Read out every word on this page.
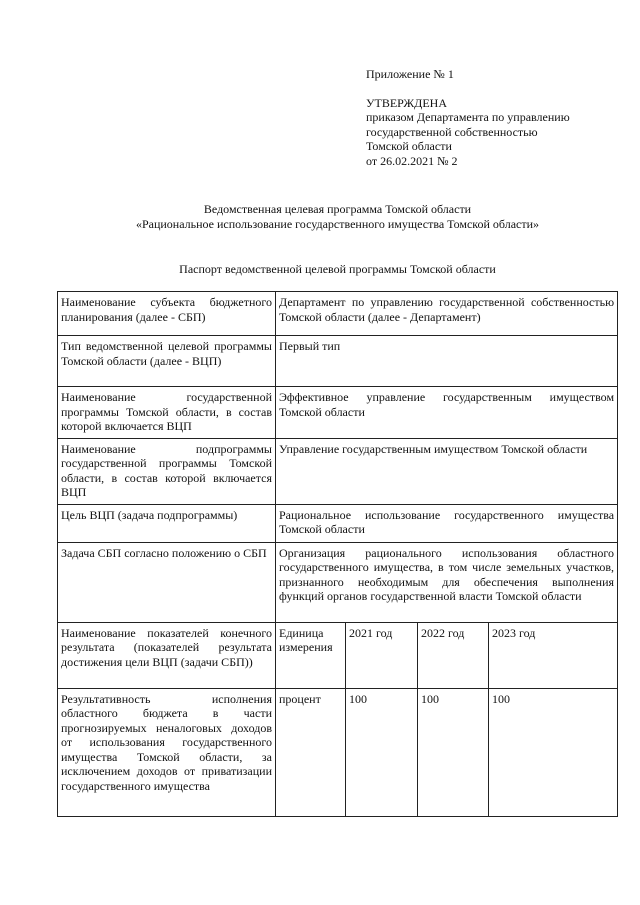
Приложение № 1
УТВЕРЖДЕНА
приказом Департамента по управлению
государственной собственностью
Томской области
от 26.02.2021 № 2
Ведомственная целевая программа Томской области
«Рациональное использование государственного имущества Томской области»
Паспорт ведомственной целевой программы Томской области
Наименование субъекта бюджетного планирования (далее - СБП)	Департамент по управлению государственной собственностью Томской области (далее - Департамент)			
Тип ведомственной целевой программы Томской области (далее - ВЦП)	Первый тип			
Наименование государственной программы Томской области, в состав которой включается ВЦП	Эффективное управление государственным имуществом Томской области			
Наименование подпрограммы государственной программы Томской области, в состав которой включается ВЦП	Управление государственным имуществом Томской области			
Цель ВЦП (задача подпрограммы)	Рациональное использование государственного имущества Томской области			
Задача СБП согласно положению о СБП	Организация рационального использования областного государственного имущества, в том числе земельных участков, признанного необходимым для обеспечения выполнения функций органов государственной власти Томской области			
Наименование показателей конечного результата (показателей результата достижения цели ВЦП (задачи СБП))	Единица измерения	2021 год	2022 год	2023 год
Результативность исполнения областного бюджета в части прогнозируемых неналоговых доходов от использования государственного имущества Томской области, за исключением доходов от приватизации государственного имущества	процент	100	100	100
